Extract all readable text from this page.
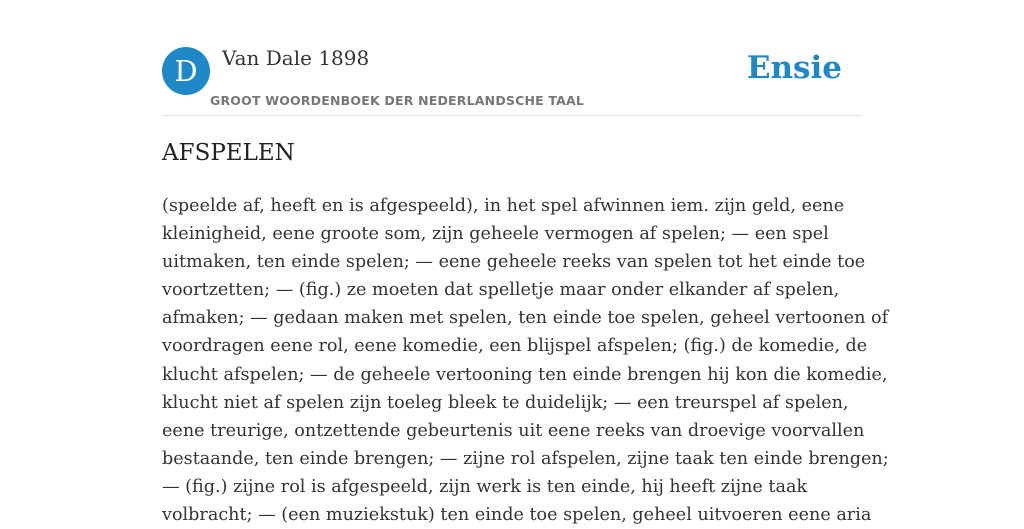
D	Van Dale 1898
GROOT WOORDENBOEK DER NEDERLANDSCHE TAAL
Ensie
AFSPELEN
(speelde af, heeft en is afgespeeld), in het spel afwinnen iem. zijn geld, eene
kleinigheid, eene groote som, zijn geheele vermogen af spelen; — een spel
uitmaken, ten einde spelen; — eene geheele reeks van spelen tot het einde toe
voortzetten; — (fig.) ze moeten dat spelletje maar onder elkander af spelen,
afmaken; — gedaan maken met spelen, ten einde toe spelen, geheel vertoonen of
voordragen eene rol, eene komedie, een blijspel afspelen; (fig.) de komedie, de
klucht afspelen; — de geheele vertooning ten einde brengen hij kon die komedie,
klucht niet af spelen zijn toeleg bleek te duidelijk; — een treurspel af spelen,
eene treurige, ontzettende gebeurtenis uit eene reeks van droevige voorvallen
bestaande, ten einde brengen; — zijne rol afspelen, zijne taak ten einde brengen;
— (fig.) zijne rol is afgespeeld, zijn werk is ten einde, hij heeft zijne taak
volbracht; — (een muziekstuk) ten einde toe spelen, geheel uitvoeren eene aria
